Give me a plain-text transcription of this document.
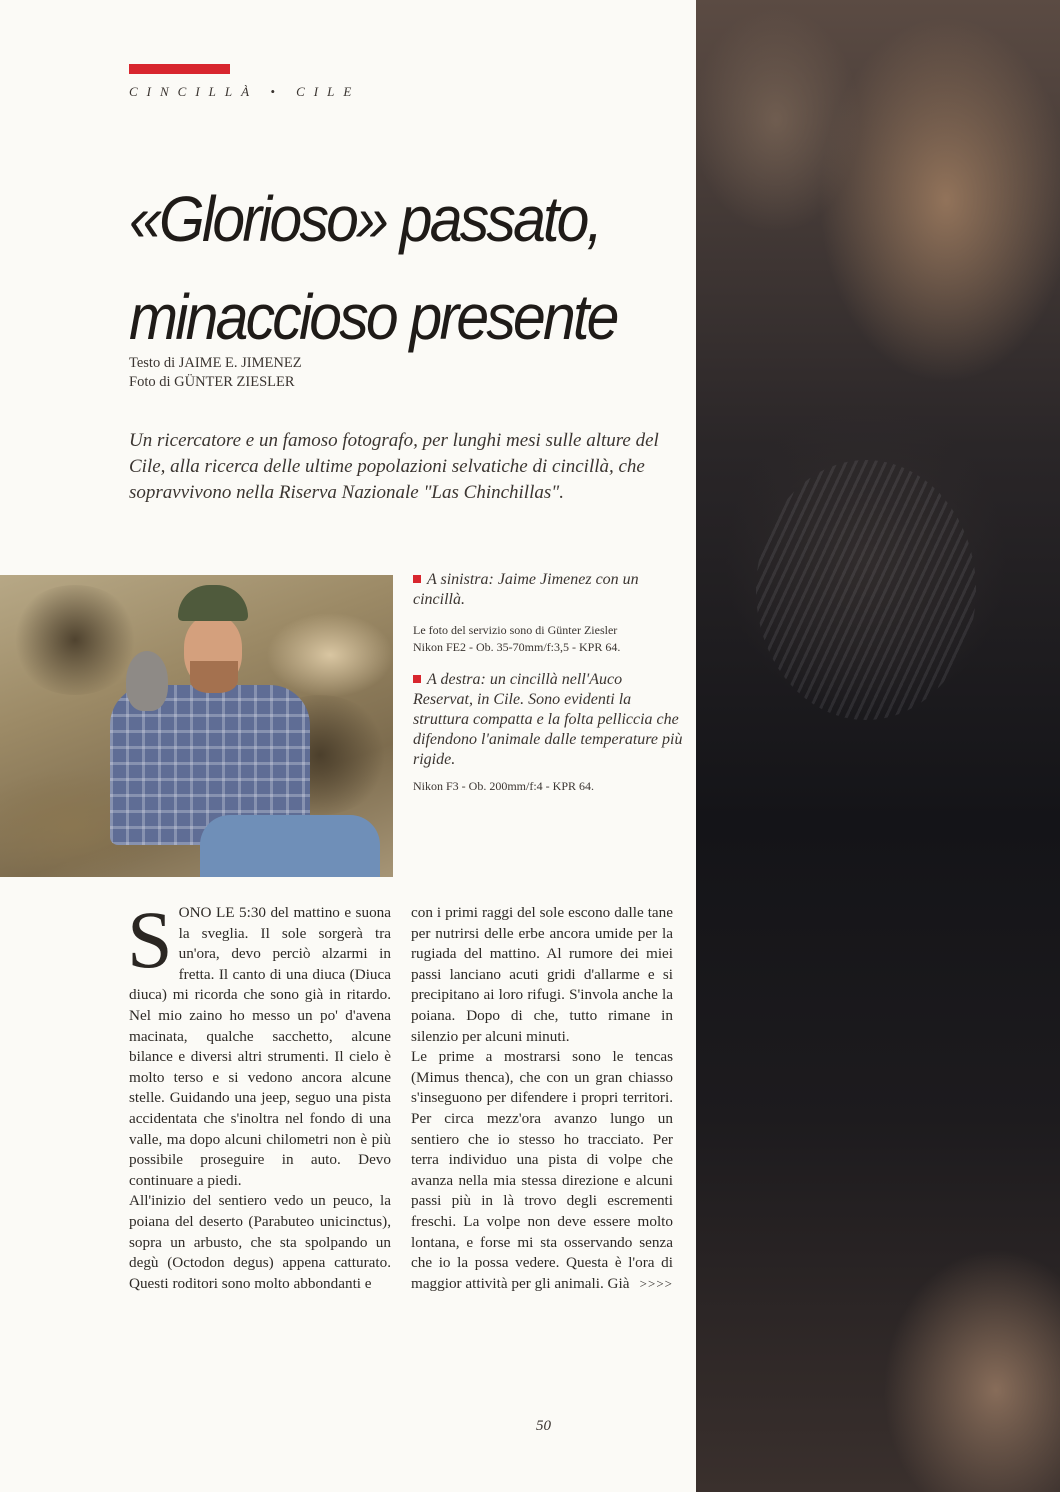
CINCILLÀ • CILE
«Glorioso» passato,
minaccioso presente
Testo di JAIME E. JIMENEZ
Foto di GÜNTER ZIESLER
Un ricercatore e un famoso fotografo, per lunghi mesi sulle alture del Cile, alla ricerca delle ultime popolazioni selvatiche di cincillà, che sopravvivono nella Riserva Nazionale "Las Chinchillas".

A sinistra: Jaime Jimenez con un cincillà.

Le foto del servizio sono di Günter Ziesler
Nikon FE2 - Ob. 35-70mm/f:3,5 - KPR 64.

A destra: un cincillà nell'Auco Reservat, in Cile. Sono evidenti la struttura compatta e la folta pelliccia che difendono l'animale dalle temperature più rigide.

Nikon F3 - Ob. 200mm/f:4 - KPR 64.

SONO LE 5:30 del mattino e suona la sveglia. Il sole sorgerà tra un'ora, devo perciò alzarmi in fretta. Il canto di una diuca (Diuca diuca) mi ricorda che sono già in ritardo. Nel mio zaino ho messo un po' d'avena macinata, qualche sacchetto, alcune bilance e diversi altri strumenti. Il cielo è molto terso e si vedono ancora alcune stelle. Guidando una jeep, seguo una pista accidentata che s'inoltra nel fondo di una valle, ma dopo alcuni chilometri non è più possibile proseguire in auto. Devo continuare a piedi.

All'inizio del sentiero vedo un peuco, la poiana del deserto (Parabuteo unicinctus), sopra un arbusto, che sta spolpando un degù (Octodon degus) appena catturato. Questi roditori sono molto abbondanti e

con i primi raggi del sole escono dalle tane per nutrirsi delle erbe ancora umide per la rugiada del mattino. Al rumore dei miei passi lanciano acuti gridi d'allarme e si precipitano ai loro rifugi. S'invola anche la poiana. Dopo di che, tutto rimane in silenzio per alcuni minuti.

Le prime a mostrarsi sono le tencas (Mimus thenca), che con un gran chiasso s'inseguono per difendere i propri territori. Per circa mezz'ora avanzo lungo un sentiero che io stesso ho tracciato. Per terra individuo una pista di volpe che avanza nella mia stessa direzione e alcuni passi più in là trovo degli escrementi freschi. La volpe non deve essere molto lontana, e forse mi sta osservando senza che io la possa vedere. Questa è l'ora di maggior attività per gli animali. Già >>>>

50
